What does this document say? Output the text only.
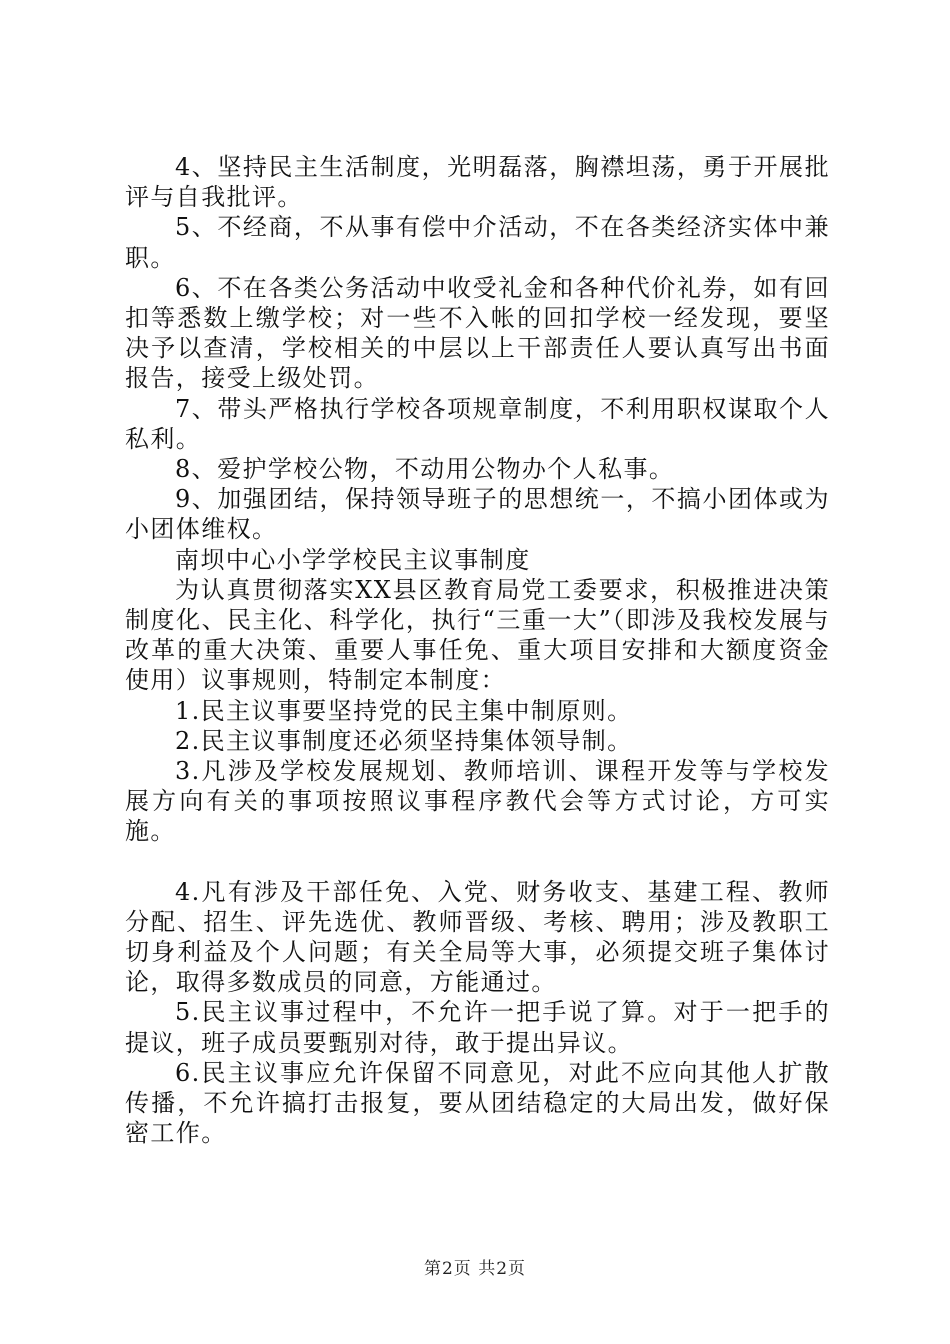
4、坚持民主生活制度，光明磊落，胸襟坦荡，勇于开展批评与自我批评。

5、不经商，不从事有偿中介活动，不在各类经济实体中兼职。

6、不在各类公务活动中收受礼金和各种代价礼券，如有回扣等悉数上缴学校；对一些不入帐的回扣学校一经发现，要坚决予以查清，学校相关的中层以上干部责任人要认真写出书面报告，接受上级处罚。

7、带头严格执行学校各项规章制度，不利用职权谋取个人私利。

8、爱护学校公物，不动用公物办个人私事。

9、加强团结，保持领导班子的思想统一，不搞小团体或为小团体维权。

南坝中心小学学校民主议事制度

为认真贯彻落实XX县区教育局党工委要求，积极推进决策制度化、民主化、科学化，执行“三重一大”（即涉及我校发展与改革的重大决策、重要人事任免、重大项目安排和大额度资金使用）议事规则，特制定本制度：

1.民主议事要坚持党的民主集中制原则。

2.民主议事制度还必须坚持集体领导制。

3.凡涉及学校发展规划、教师培训、课程开发等与学校发展方向有关的事项按照议事程序教代会等方式讨论，方可实施。

4.凡有涉及干部任免、入党、财务收支、基建工程、教师分配、招生、评先选优、教师晋级、考核、聘用；涉及教职工切身利益及个人问题；有关全局等大事，必须提交班子集体讨论，取得多数成员的同意，方能通过。

5.民主议事过程中，不允许一把手说了算。对于一把手的提议，班子成员要甄别对待，敢于提出异议。

6.民主议事应允许保留不同意见，对此不应向其他人扩散传播，不允许搞打击报复，要从团结稳定的大局出发，做好保密工作。

第2页 共2页
